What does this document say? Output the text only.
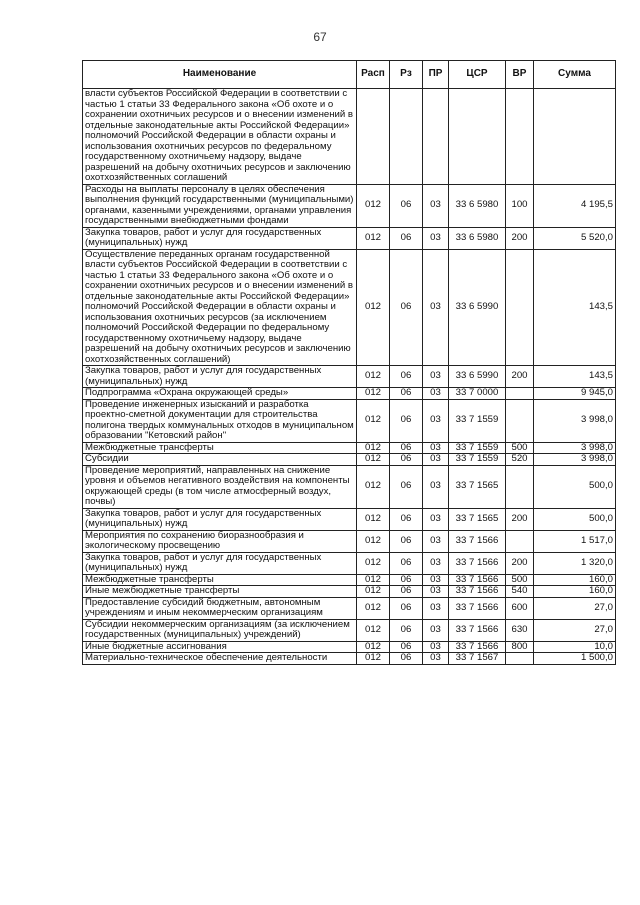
67
Наименование	Расп	Рз	ПР	ЦСР	ВР	Сумма
власти субъектов Российской Федерации в соответствии с частью 1 статьи 33 Федерального закона «Об охоте и о сохранении охотничьих ресурсов и о внесении изменений в отдельные законодательные акты Российской Федерации» полномочий Российской Федерации в области охраны и использования охотничьих ресурсов по федеральному государственному охотничьему надзору, выдаче разрешений на добычу охотничьих ресурсов и заключению охотхозяйственных соглашений						
Расходы на выплаты персоналу в целях обеспечения выполнения функций государственными (муниципальными) органами, казенными учреждениями, органами управления государственными внебюджетными фондами	012	06	03	33 6 5980	100	4 195,5
Закупка товаров, работ и услуг для государственных (муниципальных) нужд	012	06	03	33 6 5980	200	5 520,0
Осуществление переданных органам государственной власти субъектов Российской Федерации в соответствии с частью 1 статьи 33 Федерального закона «Об охоте и о сохранении охотничьих ресурсов и о внесении изменений в отдельные законодательные акты Российской Федерации» полномочий Российской Федерации в области охраны и использования охотничьих ресурсов (за исключением полномочий Российской Федерации по федеральному государственному охотничьему надзору, выдаче разрешений на добычу охотничьих ресурсов и заключению охотхозяйственных соглашений)	012	06	03	33 6 5990		143,5
Закупка товаров, работ и услуг для государственных (муниципальных) нужд	012	06	03	33 6 5990	200	143,5
Подпрограмма «Охрана окружающей среды»	012	06	03	33 7 0000		9 945,0
Проведение инженерных изысканий и разработка проектно-сметной документации для строительства полигона твердых коммунальных отходов в муниципальном образовании "Кетовский район"	012	06	03	33 7 1559		3 998,0
Межбюджетные трансферты	012	06	03	33 7 1559	500	3 998,0
Субсидии	012	06	03	33 7 1559	520	3 998,0
Проведение мероприятий, направленных на снижение уровня и объемов негативного воздействия на компоненты окружающей среды (в том числе атмосферный воздух, почвы)	012	06	03	33 7 1565		500,0
Закупка товаров, работ и услуг для государственных (муниципальных) нужд	012	06	03	33 7 1565	200	500,0
Мероприятия по сохранению биоразнообразия и экологическому просвещению	012	06	03	33 7 1566		1 517,0
Закупка товаров, работ и услуг для государственных (муниципальных) нужд	012	06	03	33 7 1566	200	1 320,0
Межбюджетные трансферты	012	06	03	33 7 1566	500	160,0
Иные межбюджетные трансферты	012	06	03	33 7 1566	540	160,0
Предоставление субсидий бюджетным, автономным учреждениям и иным некоммерческим организациям	012	06	03	33 7 1566	600	27,0
Субсидии некоммерческим организациям (за исключением государственных (муниципальных) учреждений)	012	06	03	33 7 1566	630	27,0
Иные бюджетные ассигнования	012	06	03	33 7 1566	800	10,0
Материально-техническое обеспечение деятельности	012	06	03	33 7 1567		1 500,0
